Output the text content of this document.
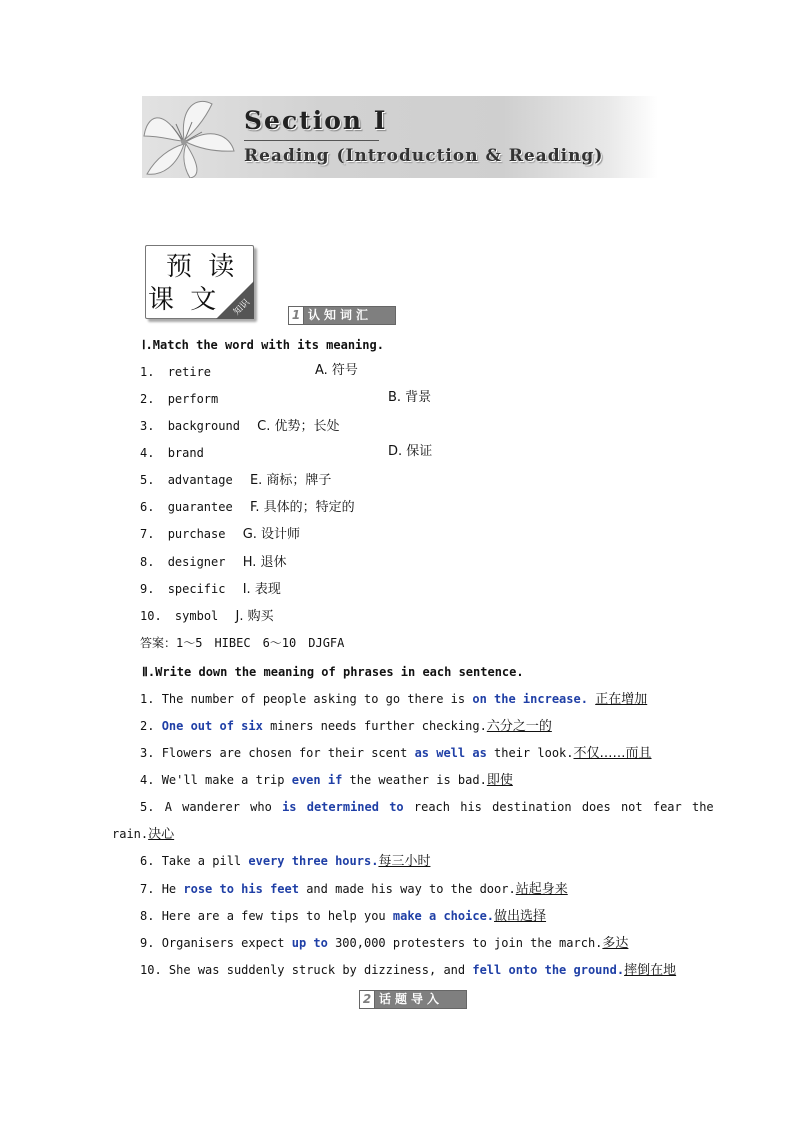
Section Ⅰ
Reading (Introduction & Reading)
预 读
课 文 知识	1 认知词汇
Ⅰ.Match the word with its meaning.
1. retire	A. 符号
2. perform	B. 背景
3. background C. 优势；长处
4. brand	D. 保证
5. advantage E. 商标；牌子
6. guarantee F. 具体的；特定的
7. purchase G. 设计师
8. designer H. 退休
9. specific I. 表现
10. symbol J. 购买
答案：1～5　HIBEC　6～10　DJGFA
Ⅱ.Write down the meaning of phrases in each sentence.
1. The number of people asking to go there is on the increase. 正在增加
2. One out of six miners needs further checking.六分之一的
3. Flowers are chosen for their scent as well as their look.不仅……而且
4. We'll make a trip even if the weather is bad.即使
5. A wanderer who is determined to reach his destination does not fear the
rain.决心
6. Take a pill every three hours.每三小时
7. He rose to his feet and made his way to the door.站起身来
8. Here are a few tips to help you make a choice.做出选择
9. Organisers expect up to 300,000 protesters to join the march.多达
10. She was suddenly struck by dizziness, and fell onto the ground.摔倒在地
2 话题导入
